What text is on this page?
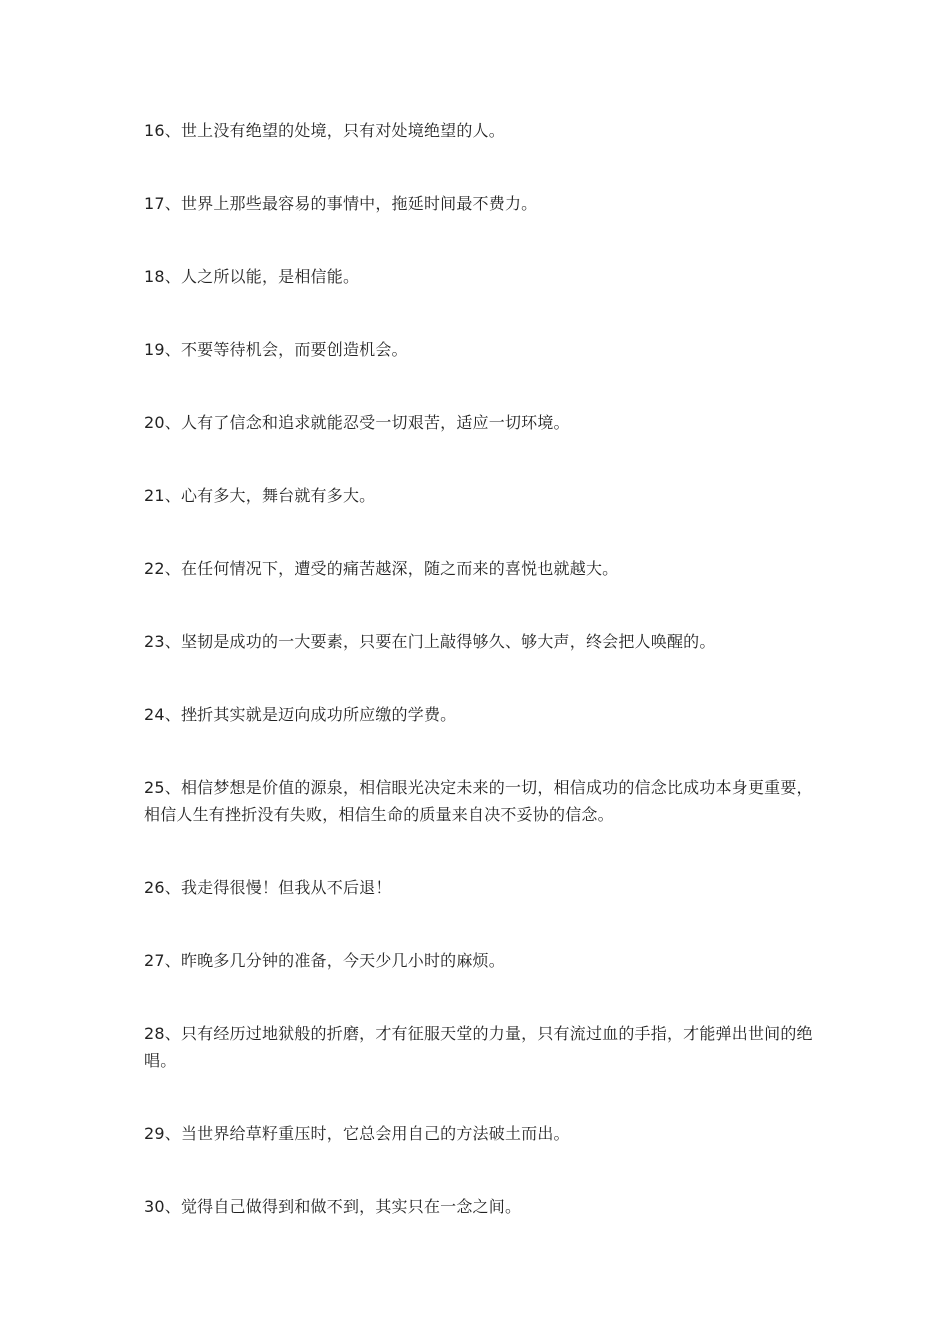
16、世上没有绝望的处境，只有对处境绝望的人。
17、世界上那些最容易的事情中，拖延时间最不费力。
18、人之所以能，是相信能。
19、不要等待机会，而要创造机会。
20、人有了信念和追求就能忍受一切艰苦，适应一切环境。
21、心有多大，舞台就有多大。
22、在任何情况下，遭受的痛苦越深，随之而来的喜悦也就越大。
23、坚韧是成功的一大要素，只要在门上敲得够久、够大声，终会把人唤醒的。
24、挫折其实就是迈向成功所应缴的学费。
25、相信梦想是价值的源泉，相信眼光决定未来的一切，相信成功的信念比成功本身更重要，相信人生有挫折没有失败，相信生命的质量来自决不妥协的信念。
26、我走得很慢！但我从不后退！
27、昨晚多几分钟的准备，今天少几小时的麻烦。
28、只有经历过地狱般的折磨，才有征服天堂的力量，只有流过血的手指，才能弹出世间的绝唱。
29、当世界给草籽重压时，它总会用自己的方法破土而出。
30、觉得自己做得到和做不到，其实只在一念之间。
